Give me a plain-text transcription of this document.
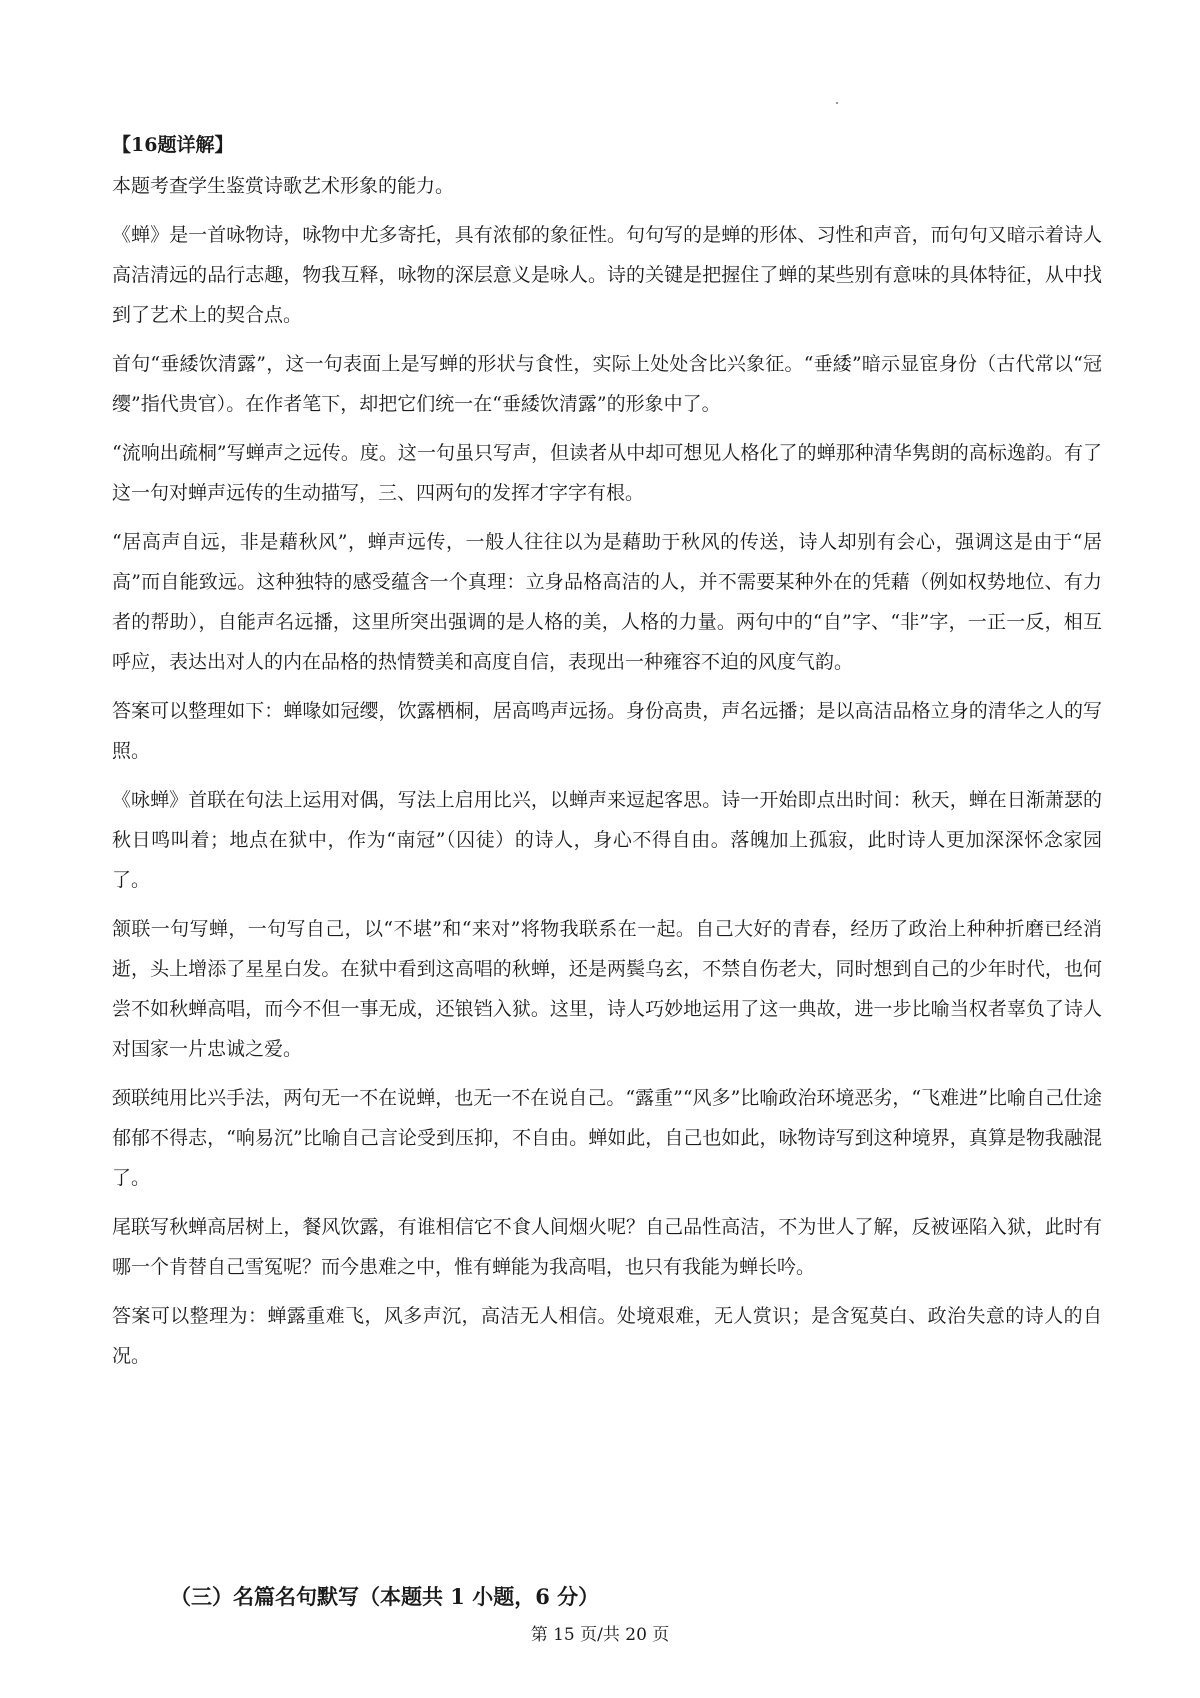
【16题详解】

本题考查学生鉴赏诗歌艺术形象的能力。

《蝉》是一首咏物诗，咏物中尤多寄托，具有浓郁的象征性。句句写的是蝉的形体、习性和声音，而句句又暗示着诗人高洁清远的品行志趣，物我互释，咏物的深层意义是咏人。诗的关键是把握住了蝉的某些别有意味的具体特征，从中找到了艺术上的契合点。

首句“垂緌饮清露”，这一句表面上是写蝉的形状与食性，实际上处处含比兴象征。“垂緌”暗示显宦身份（古代常以“冠缨”指代贵官）。在作者笔下，却把它们统一在“垂緌饮清露”的形象中了。

“流响出疏桐”写蝉声之远传。度。这一句虽只写声，但读者从中却可想见人格化了的蝉那种清华隽朗的高标逸韵。有了这一句对蝉声远传的生动描写，三、四两句的发挥才字字有根。

“居高声自远，非是藉秋风”，蝉声远传，一般人往往以为是藉助于秋风的传送，诗人却别有会心，强调这是由于“居高”而自能致远。这种独特的感受蕴含一个真理：立身品格高洁的人，并不需要某种外在的凭藉（例如权势地位、有力者的帮助），自能声名远播，这里所突出强调的是人格的美，人格的力量。两句中的“自”字、“非”字，一正一反，相互呼应，表达出对人的内在品格的热情赞美和高度自信，表现出一种雍容不迫的风度气韵。

答案可以整理如下：蝉喙如冠缨，饮露栖桐，居高鸣声远扬。身份高贵，声名远播；是以高洁品格立身的清华之人的写照。

《咏蝉》首联在句法上运用对偶，写法上启用比兴，以蝉声来逗起客思。诗一开始即点出时间：秋天，蝉在日渐萧瑟的秋日鸣叫着；地点在狱中，作为“南冠”（囚徒）的诗人，身心不得自由。落魄加上孤寂，此时诗人更加深深怀念家园了。

颔联一句写蝉，一句写自己，以“不堪”和“来对”将物我联系在一起。自己大好的青春，经历了政治上种种折磨已经消逝，头上增添了星星白发。在狱中看到这高唱的秋蝉，还是两鬓乌玄，不禁自伤老大，同时想到自己的少年时代，也何尝不如秋蝉高唱，而今不但一事无成，还锒铛入狱。这里，诗人巧妙地运用了这一典故，进一步比喻当权者辜负了诗人对国家一片忠诚之爱。

颈联纯用比兴手法，两句无一不在说蝉，也无一不在说自己。“露重”“风多”比喻政治环境恶劣，“飞难进”比喻自己仕途郁郁不得志，“响易沉”比喻自己言论受到压抑，不自由。蝉如此，自己也如此，咏物诗写到这种境界，真算是物我融混了。

尾联写秋蝉高居树上，餐风饮露，有谁相信它不食人间烟火呢？自己品性高洁，不为世人了解，反被诬陷入狱，此时有哪一个肯替自己雪冤呢？而今患难之中，惟有蝉能为我高唱，也只有我能为蝉长吟。

答案可以整理为：蝉露重难飞，风多声沉，高洁无人相信。处境艰难，无人赏识；是含冤莫白、政治失意的诗人的自况。

（三）名篇名句默写（本题共 1 小题，6 分）
第 15 页/共 20 页
